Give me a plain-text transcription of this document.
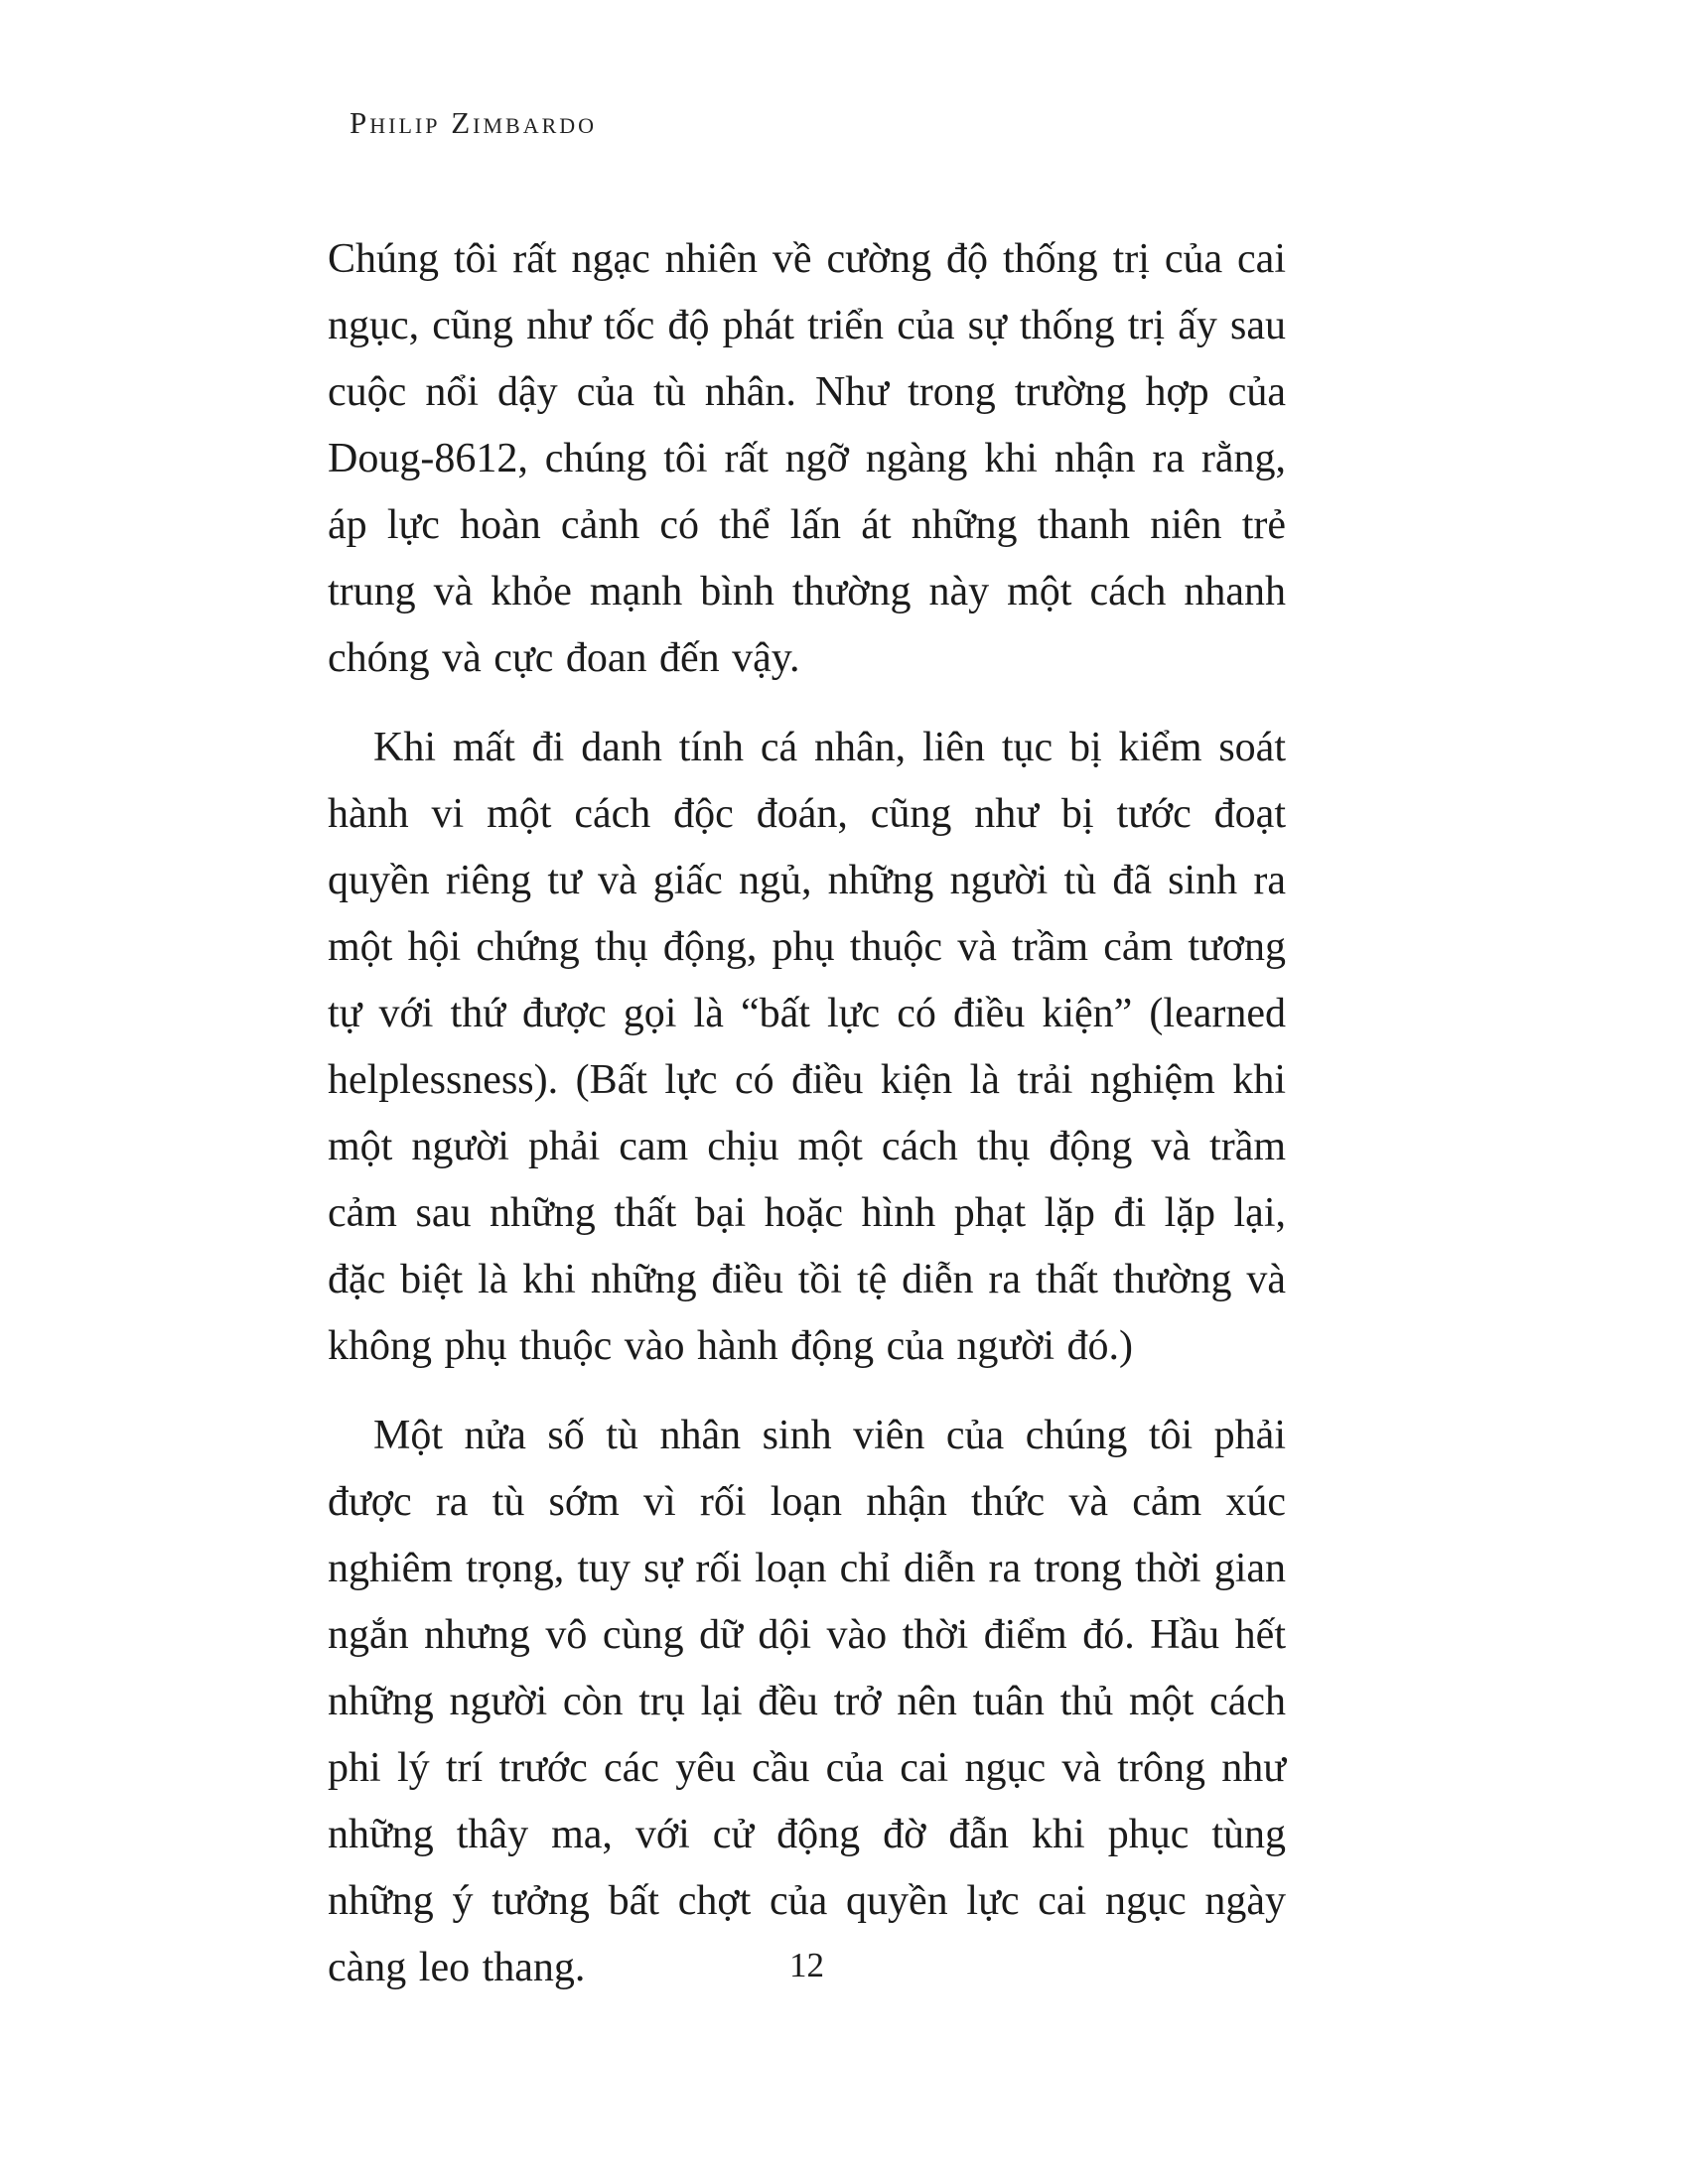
Philip Zimbardo

Chúng tôi rất ngạc nhiên về cường độ thống trị của cai ngục, cũng như tốc độ phát triển của sự thống trị ấy sau cuộc nổi dậy của tù nhân. Như trong trường hợp của Doug-8612, chúng tôi rất ngỡ ngàng khi nhận ra rằng, áp lực hoàn cảnh có thể lấn át những thanh niên trẻ trung và khỏe mạnh bình thường này một cách nhanh chóng và cực đoan đến vậy.

Khi mất đi danh tính cá nhân, liên tục bị kiểm soát hành vi một cách độc đoán, cũng như bị tước đoạt quyền riêng tư và giấc ngủ, những người tù đã sinh ra một hội chứng thụ động, phụ thuộc và trầm cảm tương tự với thứ được gọi là “bất lực có điều kiện” (learned helplessness). (Bất lực có điều kiện là trải nghiệm khi một người phải cam chịu một cách thụ động và trầm cảm sau những thất bại hoặc hình phạt lặp đi lặp lại, đặc biệt là khi những điều tồi tệ diễn ra thất thường và không phụ thuộc vào hành động của người đó.)

Một nửa số tù nhân sinh viên của chúng tôi phải được ra tù sớm vì rối loạn nhận thức và cảm xúc nghiêm trọng, tuy sự rối loạn chỉ diễn ra trong thời gian ngắn nhưng vô cùng dữ dội vào thời điểm đó. Hầu hết những người còn trụ lại đều trở nên tuân thủ một cách phi lý trí trước các yêu cầu của cai ngục và trông như những thây ma, với cử động đờ đẫn khi phục tùng những ý tưởng bất chợt của quyền lực cai ngục ngày càng leo thang.	12
